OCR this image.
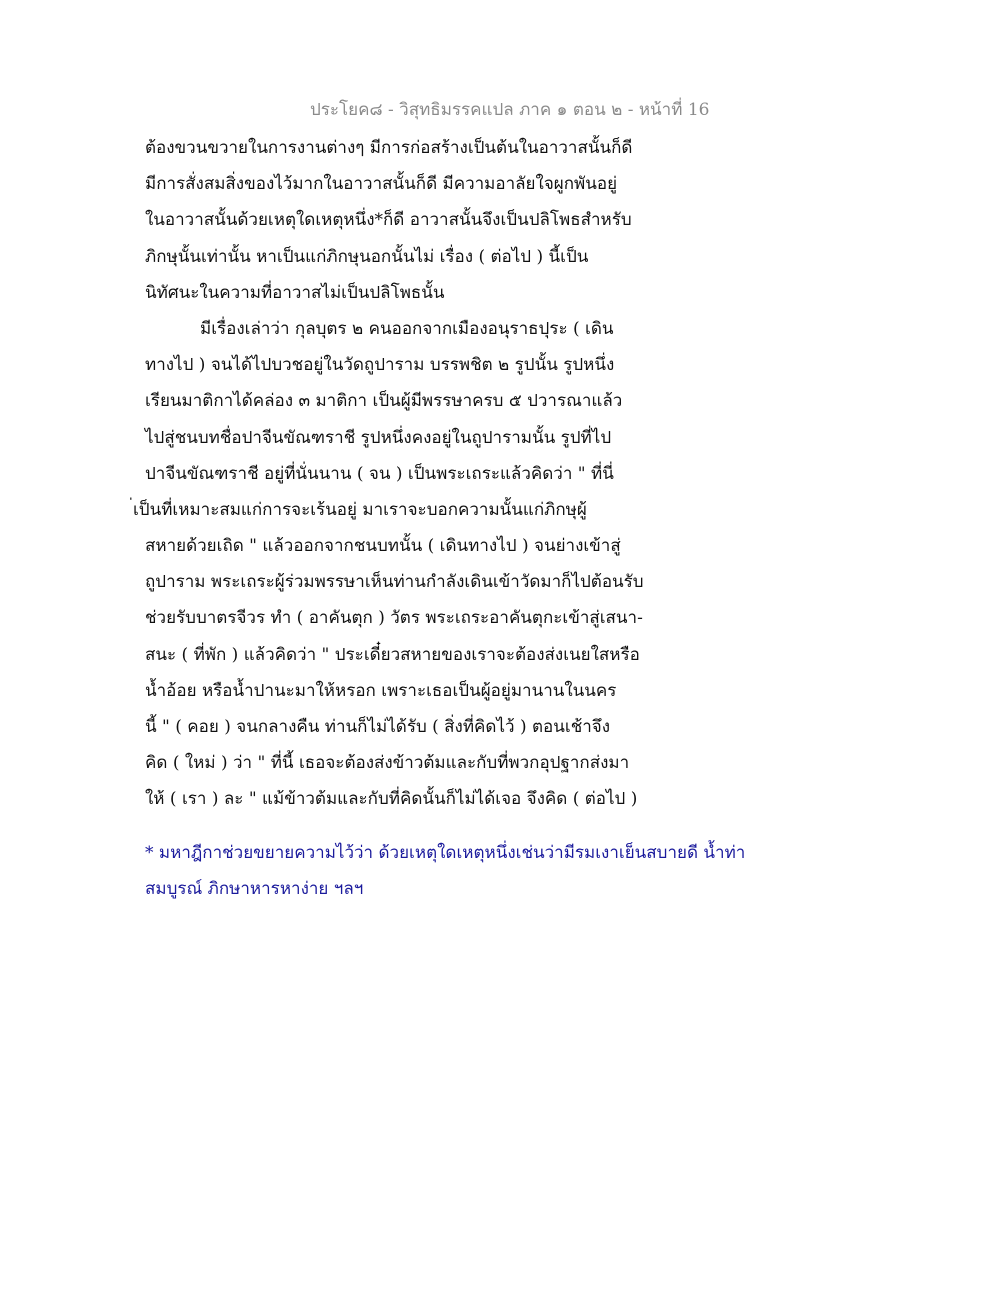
ประโยค๘ - วิสุทธิมรรคแปล ภาค ๑ ตอน ๒ - หน้าที่ 16
ต้องขวนขวายในการงานต่างๆ มีการก่อสร้างเป็นต้นในอาวาสนั้นก็ดี
มีการสั่งสมสิ่งของไว้มากในอาวาสนั้นก็ดี มีความอาลัยใจผูกพันอยู่
ในอาวาสนั้นด้วยเหตุใดเหตุหนึ่ง*ก็ดี อาวาสนั้นจึงเป็นปลิโพธสำหรับ
ภิกษุนั้นเท่านั้น หาเป็นแก่ภิกษุนอกนั้นไม่ เรื่อง ( ต่อไป ) นี้เป็น
นิทัศนะในความที่อาวาสไม่เป็นปลิโพธนั้น
มีเรื่องเล่าว่า กุลบุตร ๒ คนออกจากเมืองอนุราธปุระ ( เดิน
ทางไป ) จนได้ไปบวชอยู่ในวัดถูปาราม บรรพชิต ๒ รูปนั้น รูปหนึ่ง
เรียนมาติกาได้คล่อง ๓ มาติกา เป็นผู้มีพรรษาครบ ๕ ปวารณาแล้ว
ไปสู่ชนบทชื่อปาจีนขัณฑราชี รูปหนึ่งคงอยู่ในถูปารามนั้น รูปที่ไป
ปาจีนขัณฑราชี อยู่ที่นั่นนาน ( จน ) เป็นพระเถระแล้วคิดว่า " ที่นี่
เป็นที่เหมาะสมแก่การจะเร้นอยู่ มาเราจะบอกความนั้นแก่ภิกษุผู้
สหายด้วยเถิด " แล้วออกจากชนบทนั้น ( เดินทางไป ) จนย่างเข้าสู่
ถูปาราม พระเถระผู้ร่วมพรรษาเห็นท่านกำลังเดินเข้าวัดมาก็ไปต้อนรับ
ช่วยรับบาตรจีวร ทำ ( อาคันตุก ) วัตร พระเถระอาคันตุกะเข้าสู่เสนา-
สนะ ( ที่พัก ) แล้วคิดว่า " ประเดี๋ยวสหายของเราจะต้องส่งเนยใสหรือ
น้ำอ้อย หรือน้ำปานะมาให้หรอก เพราะเธอเป็นผู้อยู่มานานในนคร
นี้ " ( คอย ) จนกลางคืน ท่านก็ไม่ได้รับ ( สิ่งที่คิดไว้ ) ตอนเช้าจึง
คิด ( ใหม่ ) ว่า " ที่นี้ เธอจะต้องส่งข้าวต้มและกับที่พวกอุปฐากส่งมา
ให้ ( เรา ) ละ " แม้ข้าวต้มและกับที่คิดนั้นก็ไม่ได้เจอ จึงคิด ( ต่อไป )
* มหาฎีกาช่วยขยายความไว้ว่า ด้วยเหตุใดเหตุหนึ่งเช่นว่ามีรมเงาเย็นสบายดี น้ำท่า
สมบูรณ์ ภิกษาหารหาง่าย ฯลฯ
